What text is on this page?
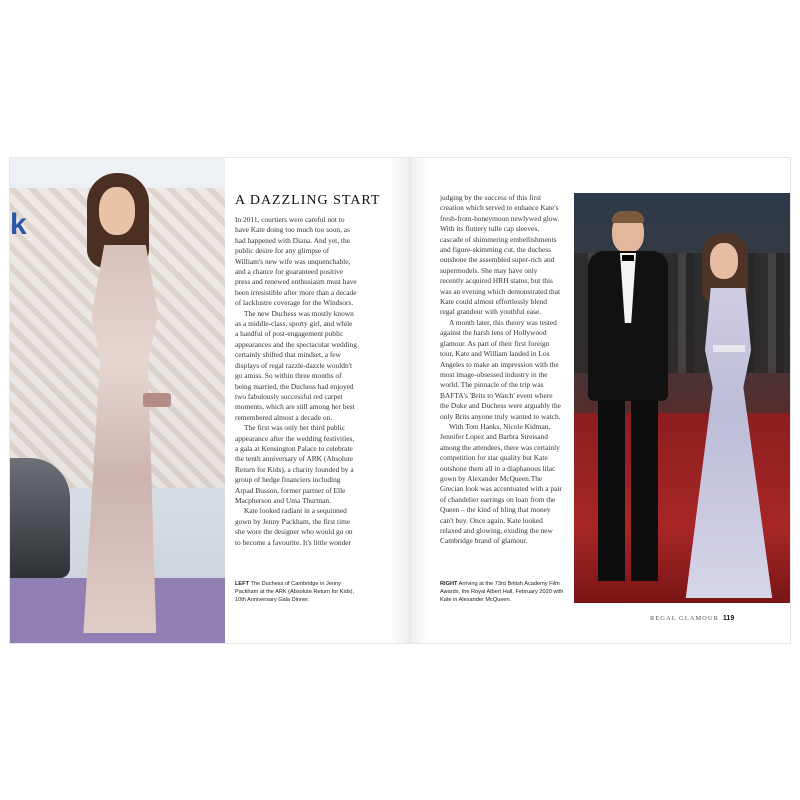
k
A DAZZLING START

In 2011, courtiers were careful not to have Kate doing too much too soon, as had happened with Diana. And yet, the public desire for any glimpse of William's new wife was unquenchable, and a chance for guaranteed positive press and renewed enthusiasm must have been irresistible after more than a decade of lacklustre coverage for the Windsors.

The new Duchess was mostly known as a middle-class, sporty girl, and while a handful of post-engagement public appearances and the spectacular wedding certainly shifted that mindset, a few displays of regal razzle-dazzle wouldn't go amiss. So within three months of being married, the Duchess had enjoyed two fabulously successful red carpet moments, which are still among her best remembered almost a decade on.

The first was only her third public appearance after the wedding festivities, a gala at Kensington Palace to celebrate the tenth anniversary of ARK (Absolute Return for Kids), a charity founded by a group of hedge financiers including Arpad Busson, former partner of Elle Macpherson and Uma Thurman.

Kate looked radiant in a sequinned gown by Jenny Packham, the first time she wore the designer who would go on to become a favourite. It's little wonder

LEFT The Duchess of Cambridge in Jenny Packham at the ARK (Absolute Return for Kids), 10th Anniversary Gala Dinner.

judging by the success of this first creation which served to enhance Kate's fresh-from-honeymoon newlywed glow. With its fluttery tulle cap sleeves, cascade of shimmering embellishments and figure-skimming cut, the duchess outshone the assembled super-rich and supermodels. She may have only recently acquired HRH status, but this was an evening which demonstrated that Kate could almost effortlessly blend regal grandeur with youthful ease.

A month later, this theory was tested against the harsh lens of Hollywood glamour. As part of their first foreign tour, Kate and William landed in Los Angeles to make an impression with the most image-obsessed industry in the world. The pinnacle of the trip was BAFTA's 'Brits to Watch' event where the Duke and Duchess were arguably the only Brits anyone truly wanted to watch.

With Tom Hanks, Nicole Kidman, Jennifer Lopez and Barbra Streisand among the attendees, there was certainly competition for star quality but Kate outshone them all in a diaphanous lilac gown by Alexander McQueen.The Grecian look was accentuated with a pair of chandelier earrings on loan from the Queen – the kind of bling that money can't buy. Once again, Kate looked relaxed and glowing, exuding the new Cambridge brand of glamour.

RIGHT Arriving at the 73rd British Academy Film Awards, the Royal Albert Hall, February 2020 with Kate in Alexander McQueen.
REGAL GLAMOUR 119
